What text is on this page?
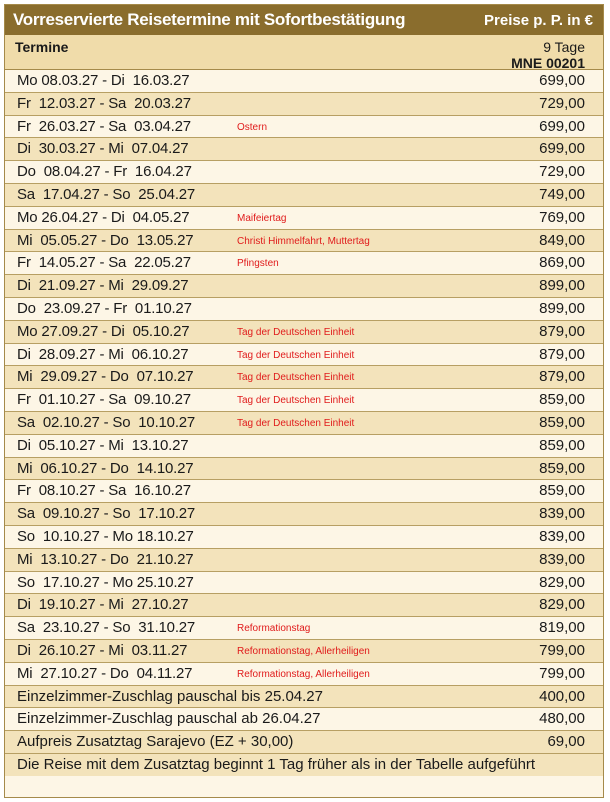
Vorreservierte Reisetermine mit Sofortbestätigung	Preise p. P. in €
Termine	9 Tage
MNE 00201
Mo 08.03.27 - Di  16.03.27	699,00
Fr  12.03.27 - Sa  20.03.27	729,00
Fr  26.03.27 - Sa  03.04.27	Ostern	699,00
Di  30.03.27 - Mi  07.04.27	699,00
Do  08.04.27 - Fr  16.04.27	729,00
Sa  17.04.27 - So  25.04.27	749,00
Mo 26.04.27 - Di  04.05.27	Maifeiertag	769,00
Mi  05.05.27 - Do  13.05.27	Christi Himmelfahrt, Muttertag	849,00
Fr  14.05.27 - Sa  22.05.27	Pfingsten	869,00
Di  21.09.27 - Mi  29.09.27	899,00
Do  23.09.27 - Fr  01.10.27	899,00
Mo 27.09.27 - Di  05.10.27	Tag der Deutschen Einheit	879,00
Di  28.09.27 - Mi  06.10.27	Tag der Deutschen Einheit	879,00
Mi  29.09.27 - Do  07.10.27	Tag der Deutschen Einheit	879,00
Fr  01.10.27 - Sa  09.10.27	Tag der Deutschen Einheit	859,00
Sa  02.10.27 - So  10.10.27	Tag der Deutschen Einheit	859,00
Di  05.10.27 - Mi  13.10.27	859,00
Mi  06.10.27 - Do  14.10.27	859,00
Fr  08.10.27 - Sa  16.10.27	859,00
Sa  09.10.27 - So  17.10.27	839,00
So  10.10.27 - Mo 18.10.27	839,00
Mi  13.10.27 - Do  21.10.27	839,00
So  17.10.27 - Mo 25.10.27	829,00
Di  19.10.27 - Mi  27.10.27	829,00
Sa  23.10.27 - So  31.10.27	Reformationstag	819,00
Di  26.10.27 - Mi  03.11.27	Reformationstag, Allerheiligen	799,00
Mi  27.10.27 - Do  04.11.27	Reformationstag, Allerheiligen	799,00
Einzelzimmer-Zuschlag pauschal bis 25.04.27	400,00
Einzelzimmer-Zuschlag pauschal ab 26.04.27	480,00
Aufpreis Zusatztag Sarajevo (EZ + 30,00)	69,00
Die Reise mit dem Zusatztag beginnt 1 Tag früher als in der Tabelle aufgeführt
